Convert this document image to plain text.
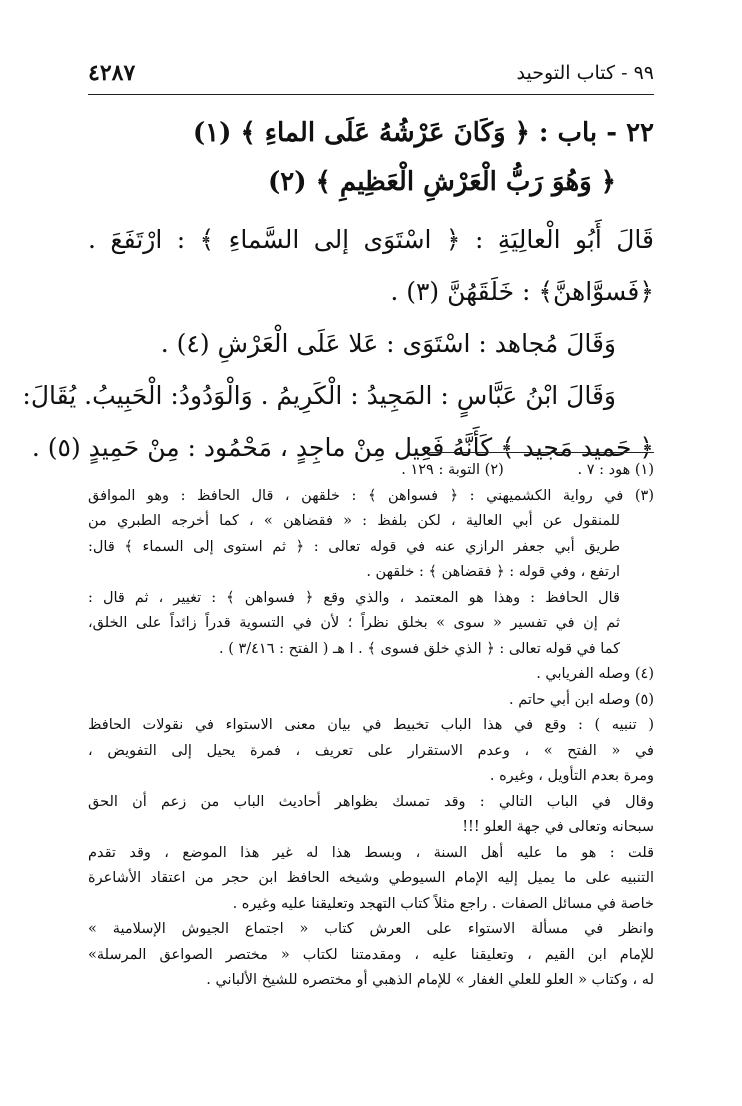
٩٩ - كتاب التوحيد
٤٢٨٧
٢٢ - باب : ﴿ وَكَانَ عَرْشُهُ عَلَى الماءِ ﴾ (١)
﴿ وَهُوَ رَبُّ الْعَرْشِ الْعَظِيمِ ﴾ (٢)
قَالَ أَبُو الْعالِيَةِ : ﴿ اسْتَوَى إلى السَّماءِ ﴾ : ارْتَفَعَ .
﴿فَسوَّاهنَّ﴾ : خَلَقَهُنَّ (٣) .
وَقَالَ مُجاهد : اسْتَوَى : عَلا عَلَى الْعَرْشِ (٤) .
وَقَالَ ابْنُ عَبَّاسٍ : المَجِيدُ : الْكَرِيمُ . وَالْوَدُودُ: الْحَبِيبُ. يُقَالَ:
﴿ حَميد مَجيد ﴾ كَأَنَّهُ فَعِيل مِنْ ماجِدٍ ، مَحْمُود : مِنْ حَمِيدٍ (٥) .
(١) هود : ٧ .                (٢) التوبة : ١٢٩ .
(٣) في رواية الكشميهني : ﴿ فسواهن ﴾ : خلقهن ، قال الحافظ : وهو الموافق
للمنقول عن أبي العالية ، لكن بلفظ : « فقضاهن » ، كما أخرجه الطبري من
طريق أبي جعفر الرازي عنه في قوله تعالى : ﴿ ثم استوى إلى السماء ﴾ قال:
ارتفع ، وفي قوله : ﴿ فقضاهن ﴾ : خلقهن .
قال الحافظ : وهذا هو المعتمد ، والذي وقع ﴿ فسواهن ﴾ : تغيير ، ثم قال :
ثم إن في تفسير « سوى » بخلق نظراً ؛ لأن في التسوية قدراً زائداً على الخلق،
كما في قوله تعالى : ﴿ الذي خلق فسوى ﴾ . ا هـ ( الفتح : ٣/٤١٦ ) .
(٤) وصله الفريابي .
(٥) وصله ابن أبي حاتم .
( تنبيه ) : وقع في هذا الباب تخبيط في بيان معنى الاستواء في نقولات الحافظ
في « الفتح » ، وعدم الاستقرار على تعريف ، فمرة يحيل إلى التفويض ،
ومرة بعدم التأويل ، وغيره .
وقال في الباب التالي : وقد تمسك بظواهر أحاديث الباب من زعم أن الحق
سبحانه وتعالى في جهة العلو !!!
قلت : هو ما عليه أهل السنة ، وبسط هذا له غير هذا الموضع ، وقد تقدم
التنبيه على ما يميل إليه الإمام السيوطي وشيخه الحافظ ابن حجر من اعتقاد الأشاعرة
خاصة في مسائل الصفات . راجع مثلاً كتاب التهجد وتعليقنا عليه وغيره .
وانظر في مسألة الاستواء على العرش كتاب « اجتماع الجيوش الإسلامية »
للإمام ابن القيم ، وتعليقنا عليه ، ومقدمتنا لكتاب « مختصر الصواعق المرسلة»
له ، وكتاب « العلو للعلي الغفار » للإمام الذهبي أو مختصره للشيخ الألباني .
